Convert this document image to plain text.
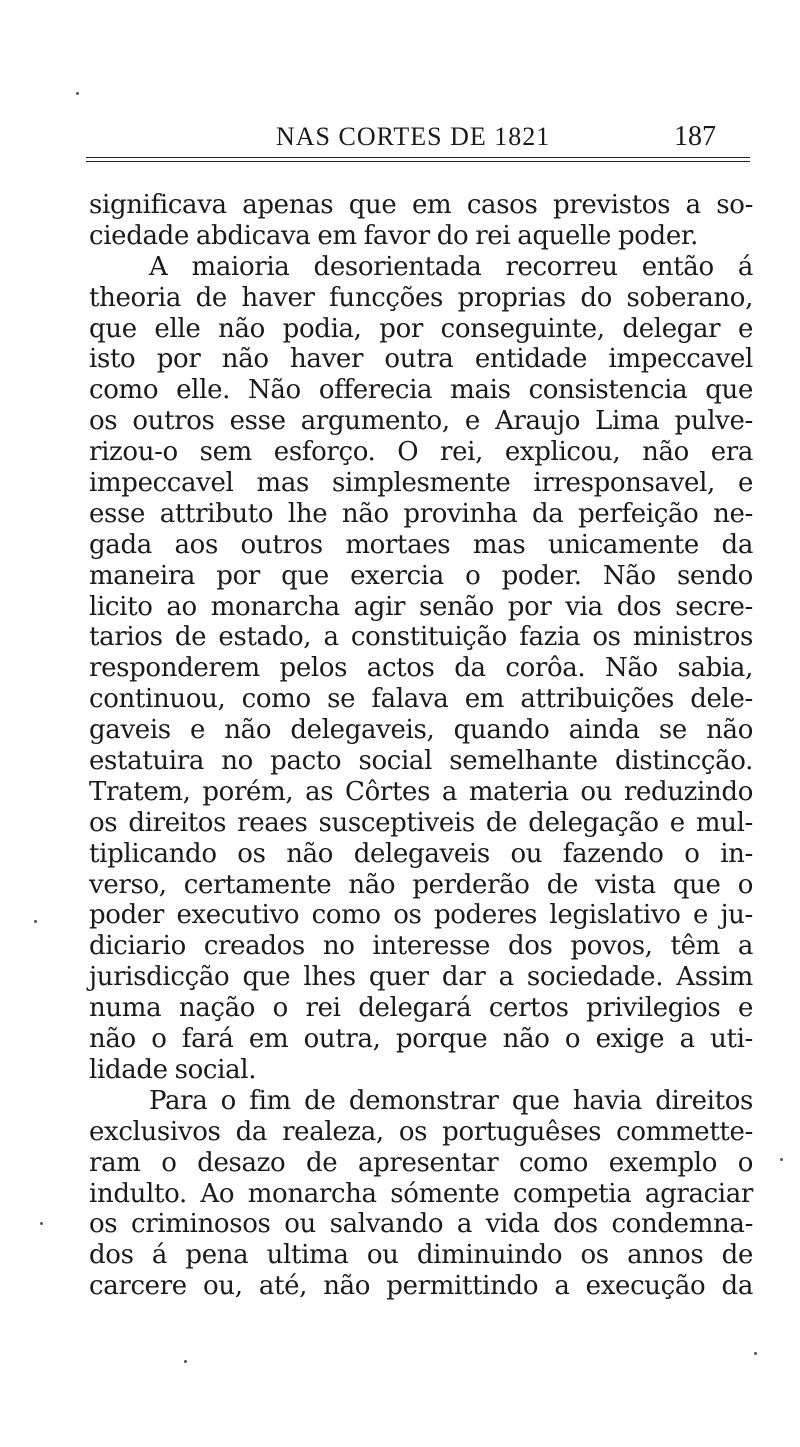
NAS CORTES DE 1821	187
significava apenas que em casos previstos a so-
ciedade abdicava em favor do rei aquelle poder.
A maioria desorientada recorreu então á
theoria de haver funcções proprias do soberano,
que elle não podia, por conseguinte, delegar e
isto por não haver outra entidade impeccavel
como elle. Não offerecia mais consistencia que
os outros esse argumento, e Araujo Lima pulve-
rizou-o sem esforço. O rei, explicou, não era
impeccavel mas simplesmente irresponsavel, e
esse attributo lhe não provinha da perfeição ne-
gada aos outros mortaes mas unicamente da
maneira por que exercia o poder. Não sendo
licito ao monarcha agir senão por via dos secre-
tarios de estado, a constituição fazia os ministros
responderem pelos actos da corôa. Não sabia,
continuou, como se falava em attribuições dele-
gaveis e não delegaveis, quando ainda se não
estatuira no pacto social semelhante distincção.
Tratem, porém, as Côrtes a materia ou reduzindo
os direitos reaes susceptiveis de delegação e mul-
tiplicando os não delegaveis ou fazendo o in-
verso, certamente não perderão de vista que o
poder executivo como os poderes legislativo e ju-
diciario creados no interesse dos povos, têm a
jurisdicção que lhes quer dar a sociedade. Assim
numa nação o rei delegará certos privilegios e
não o fará em outra, porque não o exige a uti-
lidade social.
Para o fim de demonstrar que havia direitos
exclusivos da realeza, os portuguêses commette-
ram o desazo de apresentar como exemplo o
indulto. Ao monarcha sómente competia agraciar
os criminosos ou salvando a vida dos condemna-
dos á pena ultima ou diminuindo os annos de
carcere ou, até, não permittindo a execução da
